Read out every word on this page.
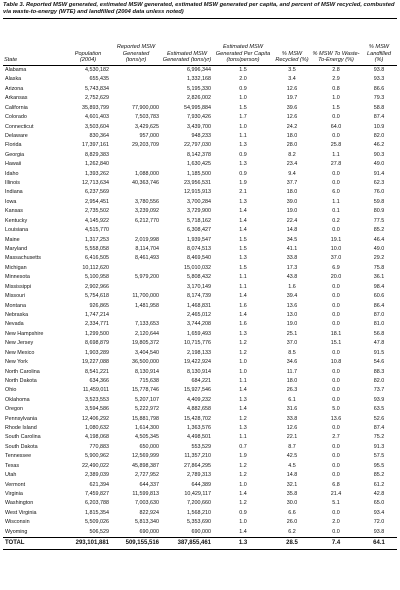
Table 3. Reported MSW generated, estimated MSW generated, estimated MSW generated per capita, and percent of MSW recycled, combusted via waste-to-energy (WTE) and landfilled (2004 data unless noted)
State	Population (2004)	Reported MSW Generated (tons/yr)	Estimated MSW Generated (tons/yr)	Estimated MSW Generated Per Capita (tons/person)	% MSW Recycled (%)	% MSW To Waste-To-Energy (%)	% MSW Landfilled (%)
Alabama	4,530,182		6,996,344	1.5	3.5	2.8	93.8
Alaska	655,435		1,332,168	2.0	3.4	2.9	93.3
Arizona	5,743,834		5,195,330	0.9	12.6	0.8	86.6
Arkansas	2,752,629		2,826,002	1.0	19.7	1.0	79.3
California	35,893,799	77,900,000	54,995,884	1.5	39.6	1.5	58.8
Colorado	4,601,403	7,503,783	7,930,426	1.7	12.6	0.0	87.4
Connecticut	3,503,604	3,429,625	3,439,700	1.0	24.2	64.0	10.9
Delaware	830,364	957,000	948,233	1.1	18.0	0.0	82.0
Florida	17,397,161	29,203,709	22,797,030	1.3	28.0	25.8	46.2
Georgia	8,829,383		8,142,378	0.9	8.2	1.1	90.3
Hawaii	1,262,840		1,630,425	1.3	23.4	27.8	49.0
Idaho	1,393,262	1,088,000	1,185,500	0.9	9.4	0.0	91.4
Illinois	12,713,634	40,363,746	23,956,531	1.9	37.7	0.0	62.3
Indiana	6,237,569		12,915,913	2.1	18.0	6.0	76.0
Iowa	2,954,451	3,780,556	3,700,284	1.3	39.0	1.1	59.8
Kansas	2,735,502	3,239,092	3,729,900	1.4	19.0	0.1	80.9
Kentucky	4,145,922	6,212,770	5,718,162	1.4	22.4	0.2	77.5
Louisiana	4,515,770		6,308,427	1.4	14.8	0.0	85.2
Maine	1,317,253	2,019,998	1,939,547	1.5	34.5	19.1	46.4
Maryland	5,558,058	8,114,704	8,074,513	1.5	41.1	10.0	49.0
Massachusetts	6,416,505	8,461,493	8,469,540	1.3	33.8	37.0	29.2
Michigan	10,112,620		15,010,032	1.5	17.3	6.9	75.8
Minnesota	5,100,958	5,979,200	5,808,432	1.1	43.8	20.0	36.1
Mississippi	2,902,966		3,170,149	1.1	1.6	0.0	98.4
Missouri	5,754,618	11,700,000	8,174,739	1.4	39.4	0.0	60.6
Montana	926,865	1,481,958	1,468,831	1.6	13.6	0.0	86.4
Nebraska	1,747,214		2,465,012	1.4	13.0	0.0	87.0
Nevada	2,334,771	7,133,653	3,744,208	1.6	19.0	0.0	81.0
New Hampshire	1,299,500	2,120,644	1,659,493	1.3	25.1	18.1	56.8
New Jersey	8,698,879	19,805,372	10,715,776	1.2	37.0	15.1	47.8
New Mexico	1,903,289	3,404,540	2,198,133	1.2	8.5	0.0	91.5
New York	19,227,088	36,500,000	19,422,924	1.0	34.6	10.8	54.6
North Carolina	8,541,221	8,130,914	8,130,914	1.0	11.7	0.0	88.3
North Dakota	634,366	715,638	684,221	1.1	18.0	0.0	82.0
Ohio	11,459,011	15,778,746	15,927,546	1.4	26.3	0.0	73.7
Oklahoma	3,523,553	5,207,107	4,409,232	1.3	6.1	0.0	93.9
Oregon	3,594,586	5,222,972	4,882,658	1.4	31.6	5.0	63.5
Pennsylvania	12,406,292	15,881,798	15,428,702	1.2	33.8	13.6	52.6
Rhode Island	1,080,632	1,614,300	1,363,576	1.3	12.6	0.0	87.4
South Carolina	4,198,068	4,505,345	4,498,501	1.1	22.1	2.7	75.2
South Dakota	770,883	650,000	553,529	0.7	8.7	0.0	91.3
Tennessee	5,900,962	12,569,999	11,357,210	1.9	42.5	0.0	57.5
Texas	22,490,022	45,898,387	27,864,295	1.2	4.5	0.0	95.5
Utah	2,389,039	2,727,952	2,789,313	1.2	14.8	0.0	85.2
Vermont	621,394	644,337	644,389	1.0	32.1	6.8	61.2
Virginia	7,459,827	11,599,813	10,429,117	1.4	35.8	21.4	42.8
Washington	6,203,788	7,003,630	7,200,660	1.2	30.0	5.1	65.0
West Virginia	1,815,354	822,924	1,568,210	0.9	6.6	0.0	93.4
Wisconsin	5,509,026	5,813,340	5,353,690	1.0	26.0	2.0	72.0
Wyoming	506,529	690,000	690,000	1.4	6.2	0.0	93.8
TOTAL	293,101,881	509,155,516	387,855,461	1.3	28.5	7.4	64.1
